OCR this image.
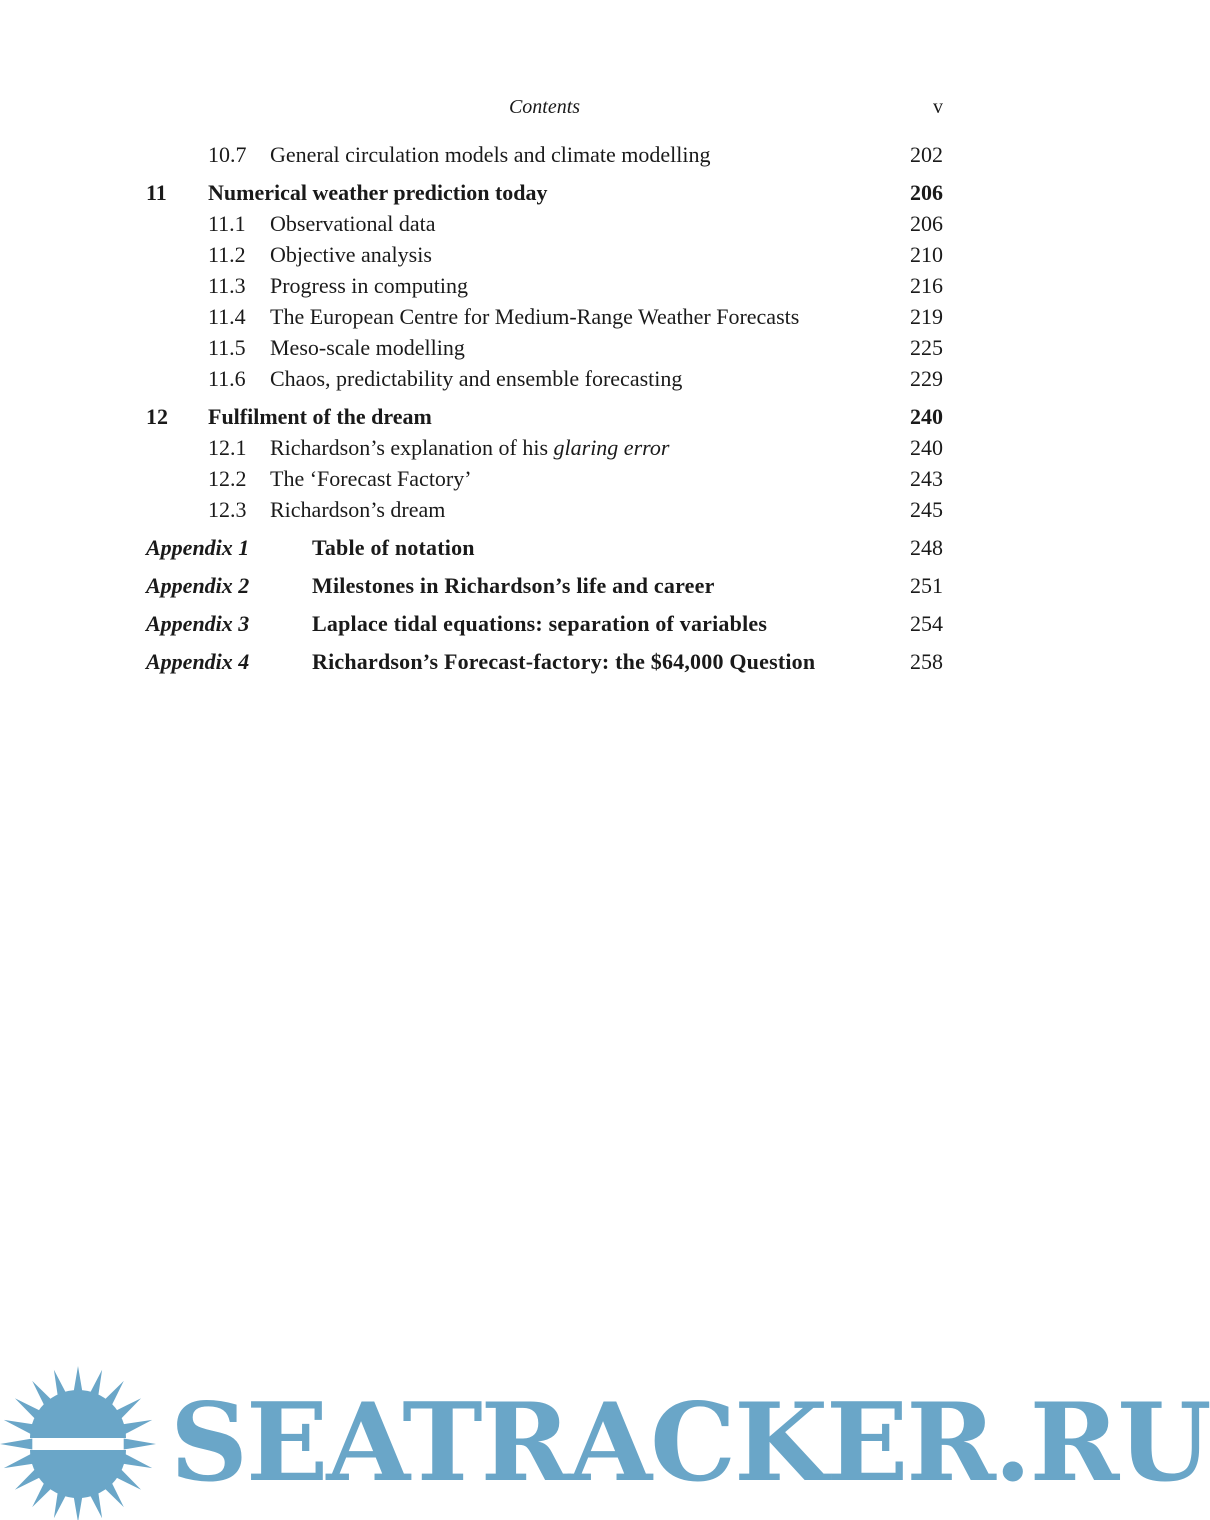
Contents	v
10.7 General circulation models and climate modelling	202
11 Numerical weather prediction today	206
11.1 Observational data	206
11.2 Objective analysis	210
11.3 Progress in computing	216
11.4 The European Centre for Medium-Range Weather Forecasts	219
11.5 Meso-scale modelling	225
11.6 Chaos, predictability and ensemble forecasting	229
12 Fulfilment of the dream	240
12.1 Richardson’s explanation of his glaring error	240
12.2 The ‘Forecast Factory’	243
12.3 Richardson’s dream	245
Appendix 1	Table of notation	248
Appendix 2	Milestones in Richardson’s life and career	251
Appendix 3	Laplace tidal equations: separation of variables	254
Appendix 4	Richardson’s Forecast-factory: the $64,000 Question	258
SEATRACKER.RU
